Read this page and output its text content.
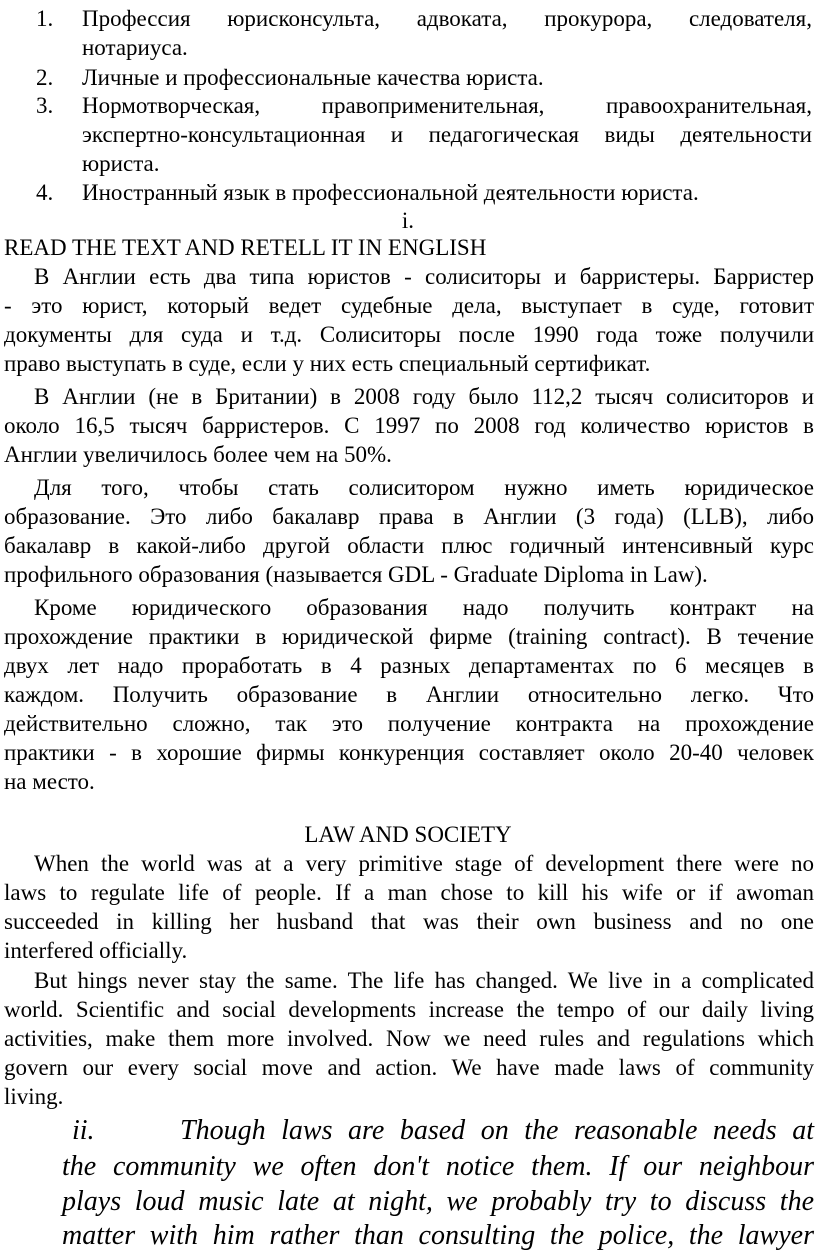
1. Профессия юрисконсульта, адвоката, прокурора, следователя,

нотариуса.

2. Личные и профессиональные качества юриста.

3. Нормотворческая, правоприменительная, правоохранительная,

экспертно-консультационная и педагогическая виды деятельности

юриста.

4. Иностранный язык в профессиональной деятельности юриста.

i.

READ THE TEXT AND RETELL IT IN ENGLISH

В Англии есть два типа юристов - солиситоры и барристеры. Барристер

- это юрист, который ведет судебные дела, выступает в суде, готовит

документы для суда и т.д. Солиситоры после 1990 года тоже получили

право выступать в суде, если у них есть специальный сертификат.

В Англии (не в Британии) в 2008 году было 112,2 тысяч солиситоров и

около 16,5 тысяч барристеров. С 1997 по 2008 год количество юристов в

Англии увеличилось более чем на 50%.

Для того, чтобы стать солиситором нужно иметь юридическое

образование. Это либо бакалавр права в Англии (3 года) (LLB), либо

бакалавр в какой-либо другой области плюс годичный интенсивный курс

профильного образования (называется GDL - Graduate Diploma in Law).

Кроме юридического образования надо получить контракт на

прохождение практики в юридической фирме (training contract). В течение

двух лет надо проработать в 4 разных департаментах по 6 месяцев в

каждом. Получить образование в Англии относительно легко. Что

действительно сложно, так это получение контракта на прохождение

практики - в хорошие фирмы конкуренция составляет около 20-40 человек

на место.

LAW AND SOCIETY

When the world was at a very primitive stage of development there were no

laws to regulate life of people. If a man chose to kill his wife or if awoman

succeeded in killing her husband that was their own business and no one

interfered officially.

But hings never stay the same. The life has changed. We live in a complicated

world. Scientific and social developments increase the tempo of our daily living

activities, make them more involved. Now we need rules and regulations which

govern our every social move and action. We have made laws of community

living.

ii.	Though laws are based on the reasonable needs at

the community we often don't notice them. If our neighbour

plays loud music late at night, we probably try to discuss the

matter with him rather than consulting the police, the lawyer
